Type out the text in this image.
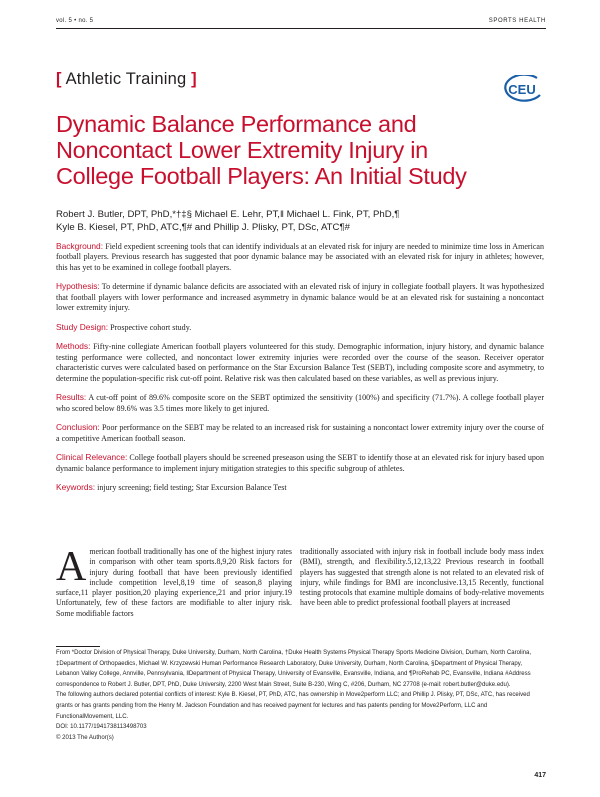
vol. 5 • no. 5	SPORTS HEALTH
[ Athletic Training ]
CEU
Dynamic Balance Performance and
Noncontact Lower Extremity Injury in
College Football Players: An Initial Study
Robert J. Butler, DPT, PhD,*†‡§ Michael E. Lehr, PT,‖ Michael L. Fink, PT, PhD,¶
Kyle B. Kiesel, PT, PhD, ATC,¶# and Phillip J. Plisky, PT, DSc, ATC¶#

Background: Field expedient screening tools that can identify individuals at an elevated risk for injury are needed to minimize time loss in American football players. Previous research has suggested that poor dynamic balance may be associated with an elevated risk for injury in athletes; however, this has yet to be examined in college football players.

Hypothesis: To determine if dynamic balance deficits are associated with an elevated risk of injury in collegiate football players. It was hypothesized that football players with lower performance and increased asymmetry in dynamic balance would be at an elevated risk for sustaining a noncontact lower extremity injury.

Study Design: Prospective cohort study.

Methods: Fifty-nine collegiate American football players volunteered for this study. Demographic information, injury history, and dynamic balance testing performance were collected, and noncontact lower extremity injuries were recorded over the course of the season. Receiver operator characteristic curves were calculated based on performance on the Star Excursion Balance Test (SEBT), including composite score and asymmetry, to determine the population-specific risk cut-off point. Relative risk was then calculated based on these variables, as well as previous injury.

Results: A cut-off point of 89.6% composite score on the SEBT optimized the sensitivity (100%) and specificity (71.7%). A college football player who scored below 89.6% was 3.5 times more likely to get injured.

Conclusion: Poor performance on the SEBT may be related to an increased risk for sustaining a noncontact lower extremity injury over the course of a competitive American football season.

Clinical Relevance: College football players should be screened preseason using the SEBT to identify those at an elevated risk for injury based upon dynamic balance performance to implement injury mitigation strategies to this specific subgroup of athletes.

Keywords: injury screening; field testing; Star Excursion Balance Test

American football traditionally has one of the highest injury rates in comparison with other team sports.8,9,20 Risk factors for injury during football that have been previously identified include competition level,8,19 time of season,8 playing surface,11 player position,20 playing experience,21 and prior injury.19 Unfortunately, few of these factors are modifiable to alter injury risk. Some modifiable factors
traditionally associated with injury risk in football include body mass index (BMI), strength, and flexibility.5,12,13,22 Previous research in football players has suggested that strength alone is not related to an elevated risk of injury, while findings for BMI are inconclusive.13,15 Recently, functional testing protocols that examine multiple domains of body-relative movements have been able to predict professional football players at increased
From *Doctor Division of Physical Therapy, Duke University, Durham, North Carolina, †Duke Health Systems Physical Therapy Sports Medicine Division, Durham, North Carolina, ‡Department of Orthopaedics, Michael W. Krzyzewski Human Performance Research Laboratory, Duke University, Durham, North Carolina, §Department of Physical Therapy, Lebanon Valley College, Annville, Pennsylvania, ‖Department of Physical Therapy, University of Evansville, Evansville, Indiana, and ¶ProRehab PC, Evansville, Indiana #Address correspondence to Robert J. Butler, DPT, PhD, Duke University, 2200 West Main Street, Suite B-230, Wing C, #206, Durham, NC 27708 (e-mail: robert.butler@duke.edu).
The following authors declared potential conflicts of interest: Kyle B. Kiesel, PT, PhD, ATC, has ownership in Move2perform LLC; and Phillip J. Plisky, PT, DSc, ATC, has received grants or has grants pending from the Henry M. Jackson Foundation and has received payment for lectures and has patents pending for Move2Perform, LLC and FunctionalMovement, LLC.
DOI: 10.1177/1941738113498703
© 2013 The Author(s)
417
